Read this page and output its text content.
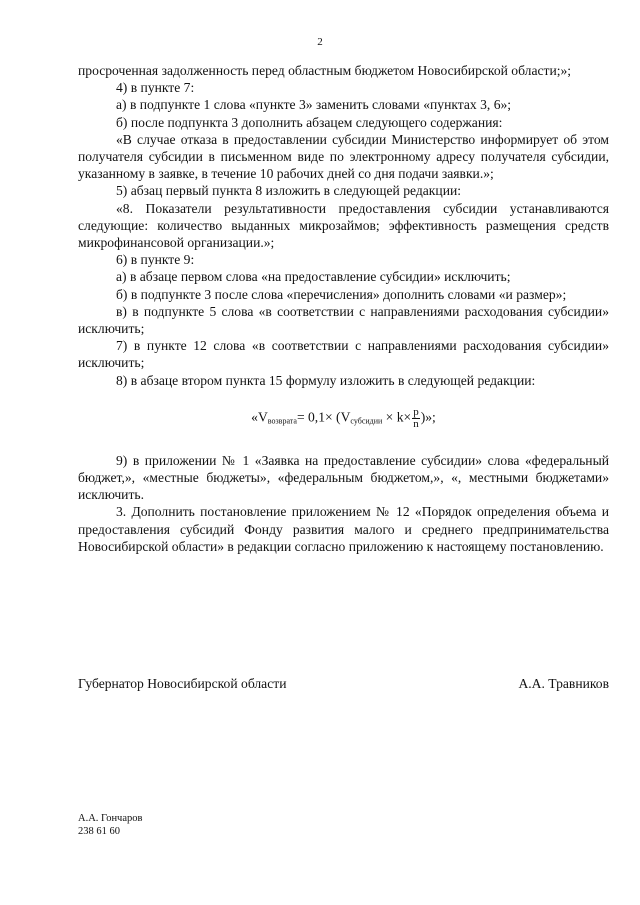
2

просроченная задолженность перед областным бюджетом Новосибирской области;»;

4) в пункте 7:

а) в подпункте 1 слова «пункте 3» заменить словами «пунктах 3, 6»;

б) после подпункта 3 дополнить абзацем следующего содержания:

«В случае отказа в предоставлении субсидии Министерство информирует об этом получателя субсидии в письменном виде по электронному адресу получателя субсидии, указанному в заявке, в течение 10 рабочих дней со дня подачи заявки.»;

5) абзац первый пункта 8 изложить в следующей редакции:

«8. Показатели результативности предоставления субсидии устанавливаются следующие: количество выданных микрозаймов; эффективность размещения средств микрофинансовой организации.»;

6) в пункте 9:

а) в абзаце первом слова «на предоставление субсидии» исключить;

б) в подпункте 3 после слова «перечисления» дополнить словами «и размер»;

в) в подпункте 5 слова «в соответствии с направлениями расходования субсидии» исключить;

7) в пункте 12 слова «в соответствии с направлениями расходования субсидии» исключить;

8) в абзаце втором пункта 15 формулу изложить в следующей редакции:

«$V_{возврата}= 0,1\times (V_{субсидии} \times k\times \frac{p}{n}$ )»;

9) в приложении № 1 «Заявка на предоставление субсидии» слова «федеральный бюджет,», «местные бюджеты», «федеральным бюджетом,», «, местными бюджетами» исключить.

3. Дополнить постановление приложением № 12 «Порядок определения объема и предоставления субсидий Фонду развития малого и среднего предпринимательства Новосибирской области» в редакции согласно приложению к настоящему постановлению.

Губернатор Новосибирской области	А.А. Травников
А.А. Гончаров
238 61 60
